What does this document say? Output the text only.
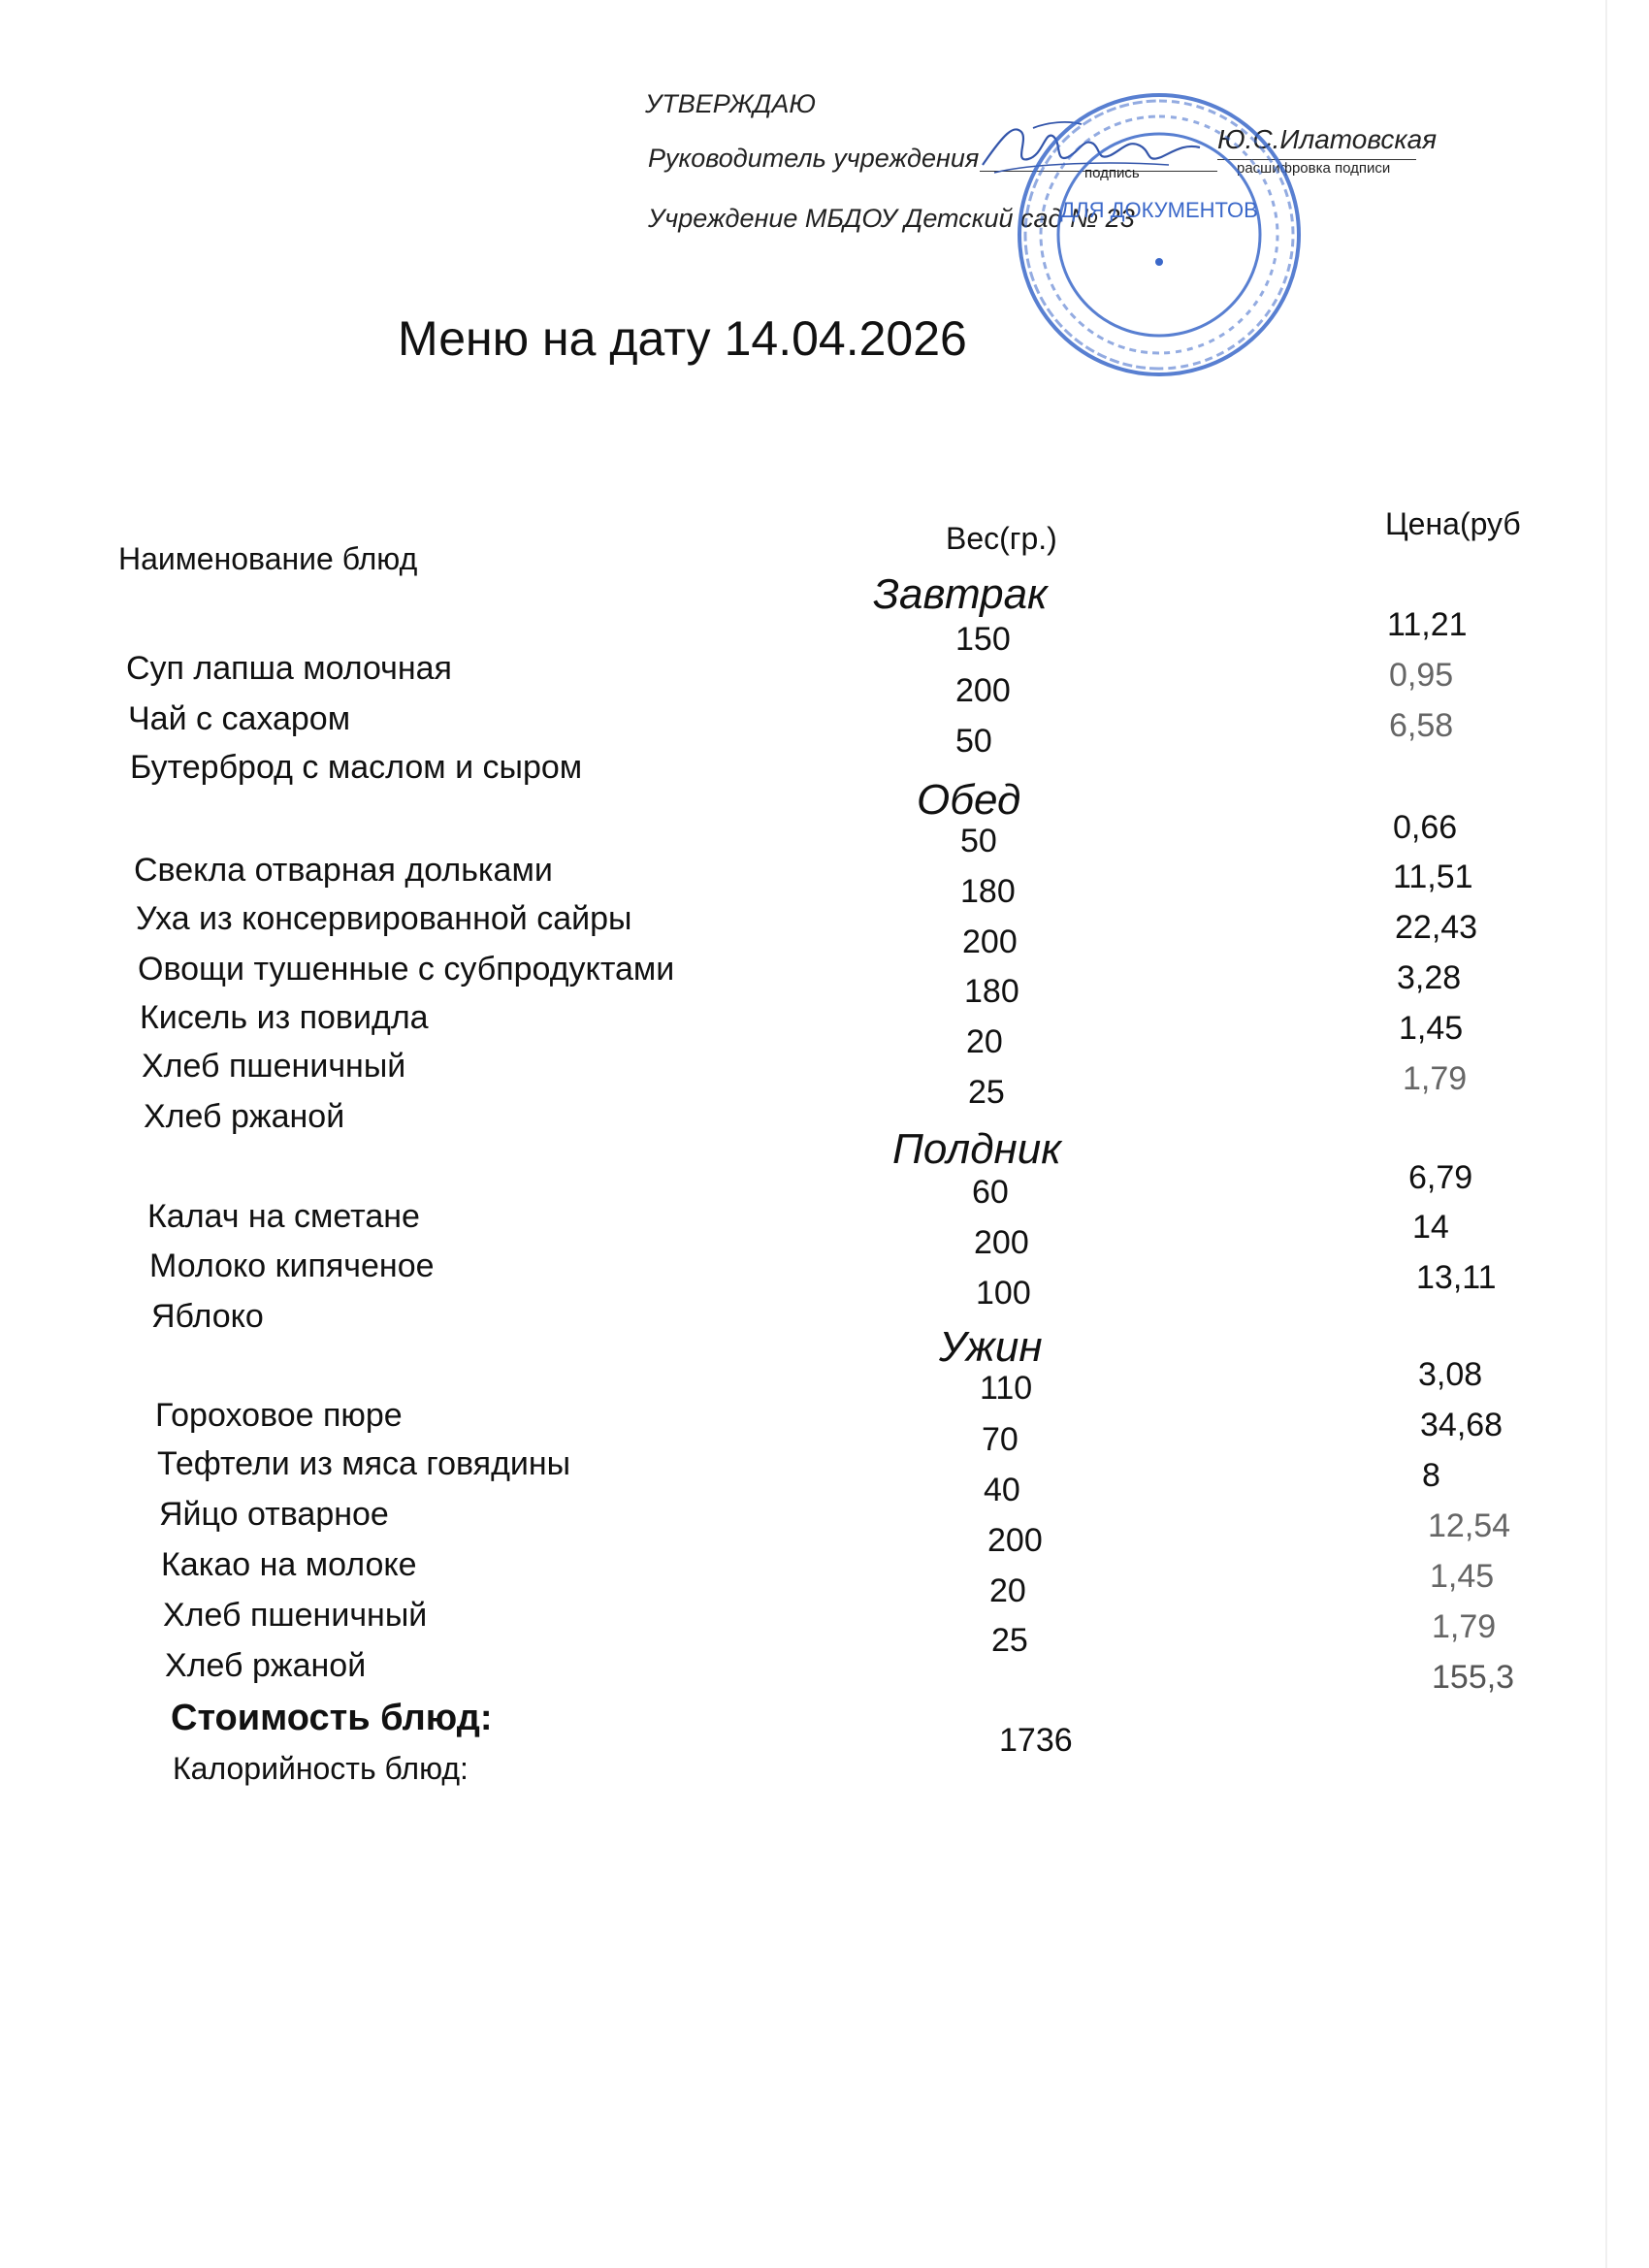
УТВЕРЖДАЮ
Руководитель учреждения
подпись
Ю.С.Илатовская
расшифровка подписи
Учреждение МБДОУ Детский сад № 23
ДЛЯ ДОКУМЕНТОВ
Меню на дату 14.04.2026
Наименование блюд
Вес(гр.)	Цена(руб
Завтрак
Суп лапша молочная
150	11,21
Чай с сахаром
200	0,95
Бутерброд с маслом и сыром
50	6,58
Обед
Свекла отварная дольками
50	0,66
Уха из консервированной сайры
180	11,51
Овощи тушенные с субпродуктами
200	22,43
Кисель из повидла
180	3,28
Хлеб пшеничный
20	1,45
Хлеб ржаной
25	1,79
Полдник
Калач на сметане
60	6,79
Молоко кипяченое
200	14
Яблоко
100	13,11
Ужин
Гороховое пюре
110	3,08
Тефтели из мяса говядины
70	34,68
Яйцо отварное
40	8
Какао на молоке
200	12,54
Хлеб пшеничный
20	1,45
Хлеб ржаной
25	1,79
Стоимость блюд:
155,3
Калорийность блюд:
1736
